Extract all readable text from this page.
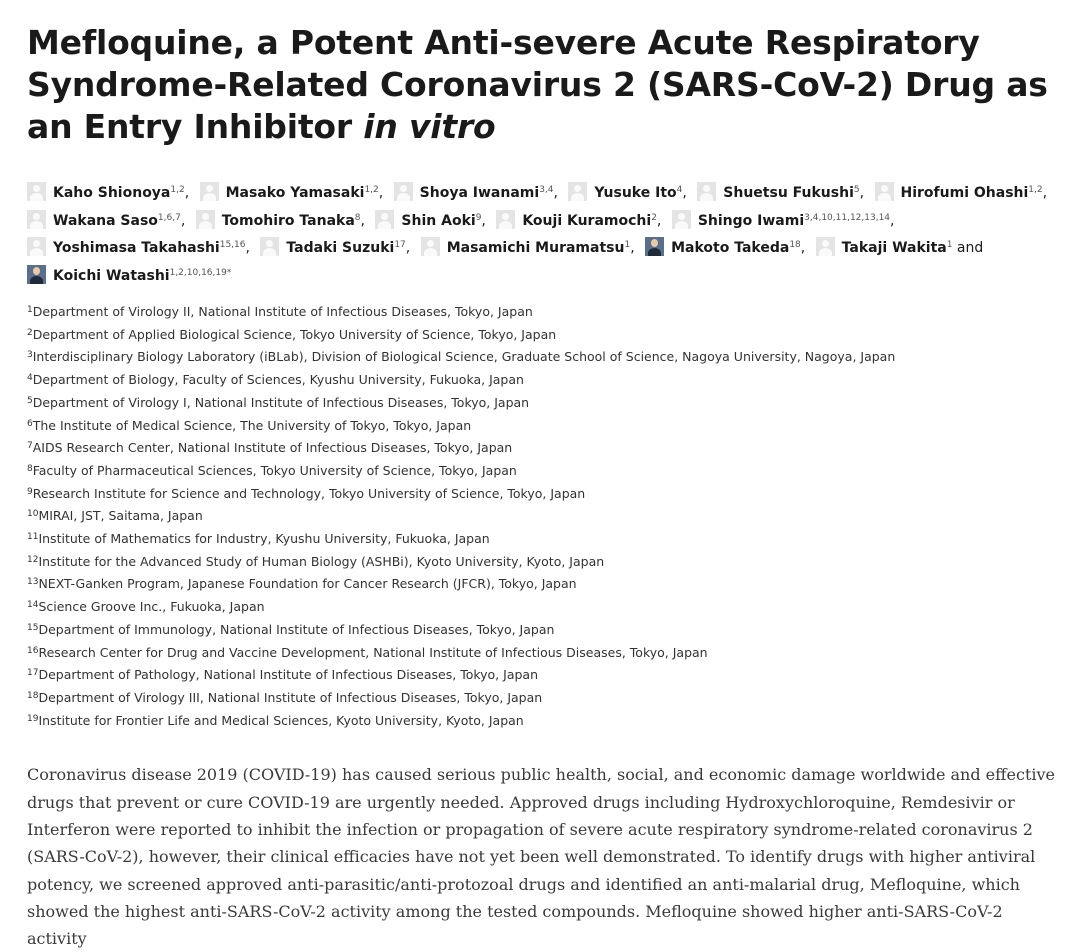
Mefloquine, a Potent Anti-severe Acute Respiratory Syndrome-Related Coronavirus 2 (SARS-CoV-2) Drug as an Entry Inhibitor in vitro
Kaho Shionoya$^{1,2}$,	Masako Yamasaki$^{1,2}$,	Shoya Iwanami$^{3,4}$,	Yusuke Ito$^4$,	Shuetsu Fukushi$^5$,	Hirofumi Ohashi$^{1,2}$, Wakana Saso$^{1,6,7}$,	Tomohiro Tanaka$^8$,	Shin Aoki$^9$,	Kouji Kuramochi$^2$,	Shingo Iwami$^{3,4,10,11,12,13,14}$, Yoshimasa Takahashi$^{15,16}$,	Tadaki Suzuki$^{17}$,	Masamichi Muramatsu$^1$,	Makoto Takeda$^{18}$,	Takaji Wakita$^1$ and Koichi Watashi$^{1,2,10,16,19*}$
$^1$Department of Virology II, National Institute of Infectious Diseases, Tokyo, Japan
$^2$Department of Applied Biological Science, Tokyo University of Science, Tokyo, Japan
$^3$Interdisciplinary Biology Laboratory (iBLab), Division of Biological Science, Graduate School of Science, Nagoya University, Nagoya, Japan
$^4$Department of Biology, Faculty of Sciences, Kyushu University, Fukuoka, Japan
$^5$Department of Virology I, National Institute of Infectious Diseases, Tokyo, Japan
$^6$The Institute of Medical Science, The University of Tokyo, Tokyo, Japan
$^7$AIDS Research Center, National Institute of Infectious Diseases, Tokyo, Japan
$^8$Faculty of Pharmaceutical Sciences, Tokyo University of Science, Tokyo, Japan
$^9$Research Institute for Science and Technology, Tokyo University of Science, Tokyo, Japan
$^{10}$MIRAI, JST, Saitama, Japan
$^{11}$Institute of Mathematics for Industry, Kyushu University, Fukuoka, Japan
$^{12}$Institute for the Advanced Study of Human Biology (ASHBi), Kyoto University, Kyoto, Japan
$^{13}$NEXT-Ganken Program, Japanese Foundation for Cancer Research (JFCR), Tokyo, Japan
$^{14}$Science Groove Inc., Fukuoka, Japan
$^{15}$Department of Immunology, National Institute of Infectious Diseases, Tokyo, Japan
$^{16}$Research Center for Drug and Vaccine Development, National Institute of Infectious Diseases, Tokyo, Japan
$^{17}$Department of Pathology, National Institute of Infectious Diseases, Tokyo, Japan
$^{18}$Department of Virology III, National Institute of Infectious Diseases, Tokyo, Japan
$^{19}$Institute for Frontier Life and Medical Sciences, Kyoto University, Kyoto, Japan

Coronavirus disease 2019 (COVID-19) has caused serious public health, social, and economic damage worldwide and effective drugs that prevent or cure COVID-19 are urgently needed. Approved drugs including Hydroxychloroquine, Remdesivir or Interferon were reported to inhibit the infection or propagation of severe acute respiratory syndrome-related coronavirus 2 (SARS-CoV-2), however, their clinical efficacies have not yet been well demonstrated. To identify drugs with higher antiviral potency, we screened approved anti-parasitic/anti-protozoal drugs and identified an anti-malarial drug, Mefloquine, which showed the highest anti-SARS-CoV-2 activity among the tested compounds. Mefloquine showed higher anti-SARS-CoV-2 activity
